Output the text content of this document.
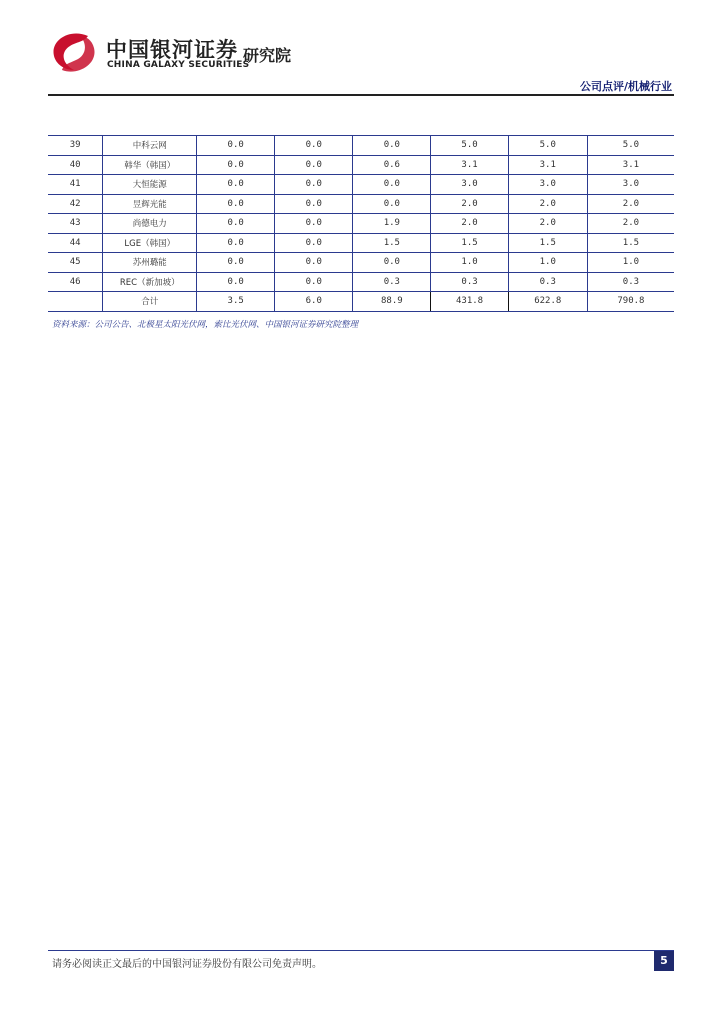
中国银河证券
CHINA GALAXY SECURITIES
研究院
公司点评/机械行业
39	中科云网	0.0	0.0	0.0	5.0	5.0	5.0
40	韩华（韩国）	0.0	0.0	0.6	3.1	3.1	3.1
41	大恒能源	0.0	0.0	0.0	3.0	3.0	3.0
42	昱辉光能	0.0	0.0	0.0	2.0	2.0	2.0
43	尚德电力	0.0	0.0	1.9	2.0	2.0	2.0
44	LGE（韩国）	0.0	0.0	1.5	1.5	1.5	1.5
45	苏州璐能	0.0	0.0	0.0	1.0	1.0	1.0
46	REC（新加坡）	0.0	0.0	0.3	0.3	0.3	0.3
	合计	3.5	6.0	88.9	431.8	622.8	790.8
资料来源：公司公告、北极星太阳光伏网，索比光伏网、中国银河证券研究院整理
请务必阅读正文最后的中国银河证券股份有限公司免责声明。	5
